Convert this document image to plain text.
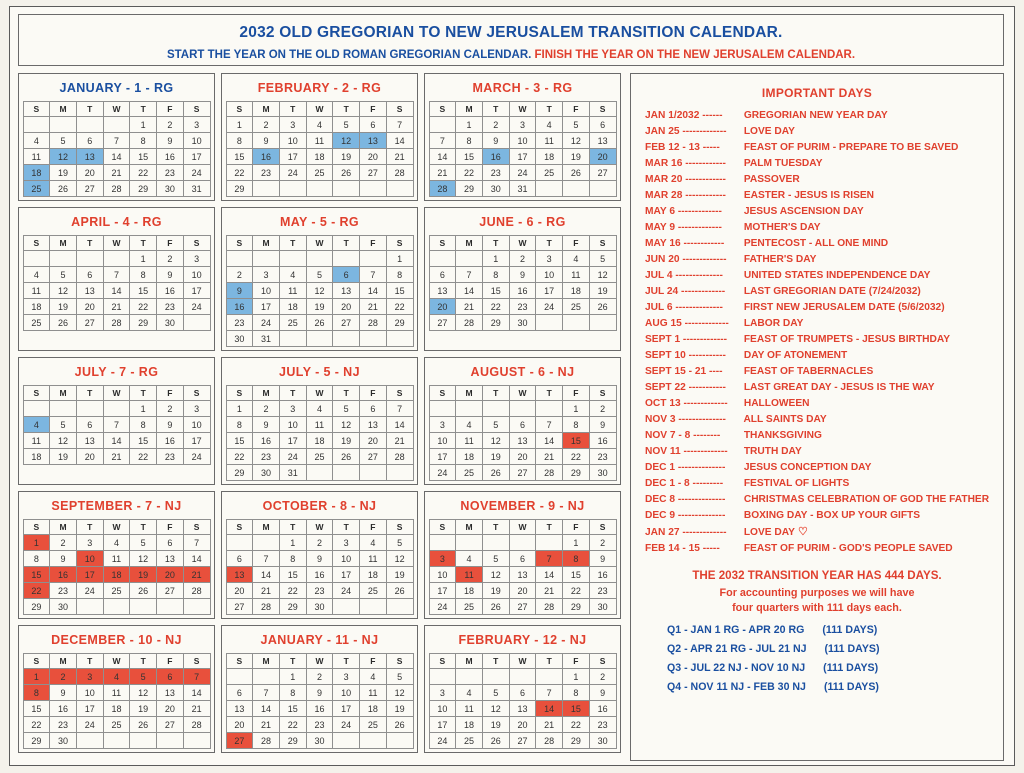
2032 OLD GREGORIAN TO NEW JERUSALEM TRANSITION CALENDAR.
START THE YEAR ON THE OLD ROMAN GREGORIAN CALENDAR. FINISH THE YEAR ON THE NEW JERUSALEM CALENDAR.
JANUARY - 1 - RG
S	M	T	W	T	F	S
				1	2	3
4	5	6	7	8	9	10
11	12	13	14	15	16	17
18	19	20	21	22	23	24
25	26	27	28	29	30	31
FEBRUARY - 2 - RG
S	M	T	W	T	F	S
1	2	3	4	5	6	7
8	9	10	11	12	13	14
15	16	17	18	19	20	21
22	23	24	25	26	27	28
29						
MARCH - 3 - RG
S	M	T	W	T	F	S
	1	2	3	4	5	6
7	8	9	10	11	12	13
14	15	16	17	18	19	20
21	22	23	24	25	26	27
28	29	30	31			
APRIL - 4 - RG
S	M	T	W	T	F	S
				1	2	3
4	5	6	7	8	9	10
11	12	13	14	15	16	17
18	19	20	21	22	23	24
25	26	27	28	29	30	
MAY - 5 - RG
S	M	T	W	T	F	S
						1
2	3	4	5	6	7	8
9	10	11	12	13	14	15
16	17	18	19	20	21	22
23	24	25	26	27	28	29
30	31					
JUNE - 6 - RG
S	M	T	W	T	F	S
		1	2	3	4	5
6	7	8	9	10	11	12
13	14	15	16	17	18	19
20	21	22	23	24	25	26
27	28	29	30			
JULY - 7 - RG
S	M	T	W	T	F	S
				1	2	3
4	5	6	7	8	9	10
11	12	13	14	15	16	17
18	19	20	21	22	23	24
JULY - 5 - NJ
S	M	T	W	T	F	S
1	2	3	4	5	6	7
8	9	10	11	12	13	14
15	16	17	18	19	20	21
22	23	24	25	26	27	28
29	30	31				
AUGUST - 6 - NJ
S	M	T	W	T	F	S
					1	2
3	4	5	6	7	8	9
10	11	12	13	14	15	16
17	18	19	20	21	22	23
24	25	26	27	28	29	30
SEPTEMBER - 7 - NJ
S	M	T	W	T	F	S
1	2	3	4	5	6	7
8	9	10	11	12	13	14
15	16	17	18	19	20	21
22	23	24	25	26	27	28
29	30					
OCTOBER - 8 - NJ
S	M	T	W	T	F	S
		1	2	3	4	5
6	7	8	9	10	11	12
13	14	15	16	17	18	19
20	21	22	23	24	25	26
27	28	29	30			
NOVEMBER - 9 - NJ
S	M	T	W	T	F	S
					1	2
3	4	5	6	7	8	9
10	11	12	13	14	15	16
17	18	19	20	21	22	23
24	25	26	27	28	29	30
DECEMBER - 10 - NJ
S	M	T	W	T	F	S
1	2	3	4	5	6	7
8	9	10	11	12	13	14
15	16	17	18	19	20	21
22	23	24	25	26	27	28
29	30					
JANUARY - 11 - NJ
S	M	T	W	T	F	S
		1	2	3	4	5
6	7	8	9	10	11	12
13	14	15	16	17	18	19
20	21	22	23	24	25	26
27	28	29	30			
FEBRUARY - 12 - NJ
S	M	T	W	T	F	S
					1	2
3	4	5	6	7	8	9
10	11	12	13	14	15	16
17	18	19	20	21	22	23
24	25	26	27	28	29	30
IMPORTANT DAYS
JAN 1/2032 ------ GREGORIAN NEW YEAR DAY
JAN 25 ------------- LOVE DAY
FEB 12 - 13 ----- FEAST OF PURIM - PREPARE TO BE SAVED
MAR 16 ------------ PALM TUESDAY
MAR 20 ------------ PASSOVER
MAR 28 ------------ EASTER - JESUS IS RISEN
MAY 6 ------------- JESUS ASCENSION DAY
MAY 9 ------------- MOTHER'S DAY
MAY 16 ------------ PENTECOST - ALL ONE MIND
JUN 20 ------------- FATHER'S DAY
JUL 4 -------------- UNITED STATES INDEPENDENCE DAY
JUL 24 ------------- LAST GREGORIAN DATE (7/24/2032)
JUL 6 -------------- FIRST NEW JERUSALEM DATE (5/6/2032)
AUG 15 ------------- LABOR DAY
SEPT 1 ------------- FEAST OF TRUMPETS - JESUS BIRTHDAY
SEPT 10 ----------- DAY OF ATONEMENT
SEPT 15 - 21 ---- FEAST OF TABERNACLES
SEPT 22 ----------- LAST GREAT DAY - JESUS IS THE WAY
OCT 13 ------------- HALLOWEEN
NOV 3 -------------- ALL SAINTS DAY
NOV 7 - 8 -------- THANKSGIVING
NOV 11 ------------- TRUTH DAY
DEC 1 -------------- JESUS CONCEPTION DAY
DEC 1 - 8 --------- FESTIVAL OF LIGHTS
DEC 8 -------------- CHRISTMAS CELEBRATION OF GOD THE FATHER
DEC 9 -------------- BOXING DAY - BOX UP YOUR GIFTS
JAN 27 ------------- LOVE DAY ♡
FEB 14 - 15 ----- FEAST OF PURIM - GOD'S PEOPLE SAVED
THE 2032 TRANSITION YEAR HAS 444 DAYS.
For accounting purposes we will have
four quarters with 111 days each.
Q1 - JAN 1 RG - APR 20 RG (111 DAYS)
Q2 - APR 21 RG - JUL 21 NJ (111 DAYS)
Q3 - JUL 22 NJ - NOV 10 NJ (111 DAYS)
Q4 - NOV 11 NJ - FEB 30 NJ (111 DAYS)
